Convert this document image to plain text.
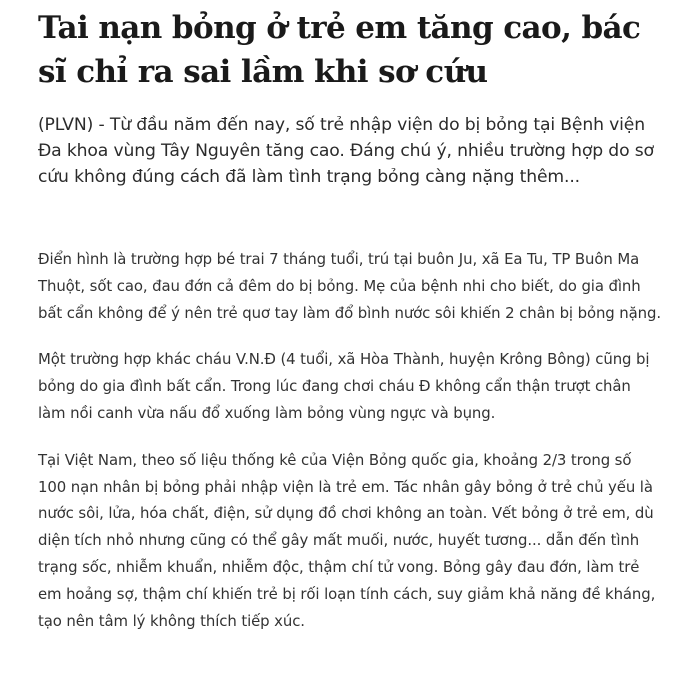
Tai nạn bỏng ở trẻ em tăng cao, bác sĩ chỉ ra sai lầm khi sơ cứu

(PLVN) - Từ đầu năm đến nay, số trẻ nhập viện do bị bỏng tại Bệnh viện Đa khoa vùng Tây Nguyên tăng cao. Đáng chú ý, nhiều trường hợp do sơ cứu không đúng cách đã làm tình trạng bỏng càng nặng thêm...

Điển hình là trường hợp bé trai 7 tháng tuổi, trú tại buôn Ju, xã Ea Tu, TP Buôn Ma Thuột, sốt cao, đau đớn cả đêm do bị bỏng. Mẹ của bệnh nhi cho biết, do gia đình bất cẩn không để ý nên trẻ quơ tay làm đổ bình nước sôi khiến 2 chân bị bỏng nặng.

Một trường hợp khác cháu V.N.Đ (4 tuổi, xã Hòa Thành, huyện Krông Bông) cũng bị bỏng do gia đình bất cẩn. Trong lúc đang chơi cháu Đ không cẩn thận trượt chân làm nồi canh vừa nấu đổ xuống làm bỏng vùng ngực và bụng.

Tại Việt Nam, theo số liệu thống kê của Viện Bỏng quốc gia, khoảng 2/3 trong số 100 nạn nhân bị bỏng phải nhập viện là trẻ em. Tác nhân gây bỏng ở trẻ chủ yếu là nước sôi, lửa, hóa chất, điện, sử dụng đồ chơi không an toàn. Vết bỏng ở trẻ em, dù diện tích nhỏ nhưng cũng có thể gây mất muối, nước, huyết tương... dẫn đến tình trạng sốc, nhiễm khuẩn, nhiễm độc, thậm chí tử vong. Bỏng gây đau đớn, làm trẻ em hoảng sợ, thậm chí khiến trẻ bị rối loạn tính cách, suy giảm khả năng đề kháng, tạo nên tâm lý không thích tiếp xúc.
